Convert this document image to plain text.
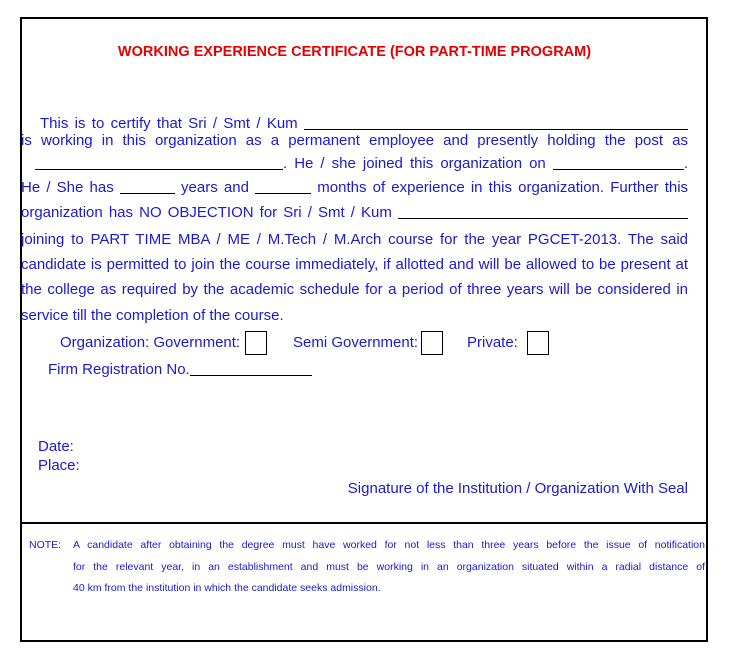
WORKING EXPERIENCE CERTIFICATE (FOR PART-TIME PROGRAM)
This is to certify that Sri / Smt / Kum
is working in this organization as a permanent employee and presently holding the post as
. He / she joined this organization on	.
He / She has	years and	months of experience in this organization. Further this
organization has NO OBJECTION for Sri / Smt / Kum
joining to PART TIME MBA / ME / M.Tech / M.Arch course for the year PGCET-2013. The said
candidate is permitted to join the course immediately, if allotted and will be allowed to be present at
the college as required by the academic schedule for a period of three years will be considered in
service till the completion of the course.
Organization: Government:	Semi Government:	Private:
Firm Registration No.
Date:
Place:
Signature of the Institution / Organization With Seal
NOTE:	A candidate after obtaining the degree must have worked for not less than three years before the issue of notification
for the relevant year, in an establishment and must be working in an organization situated within a radial distance of
40 km from the institution in which the candidate seeks admission.
